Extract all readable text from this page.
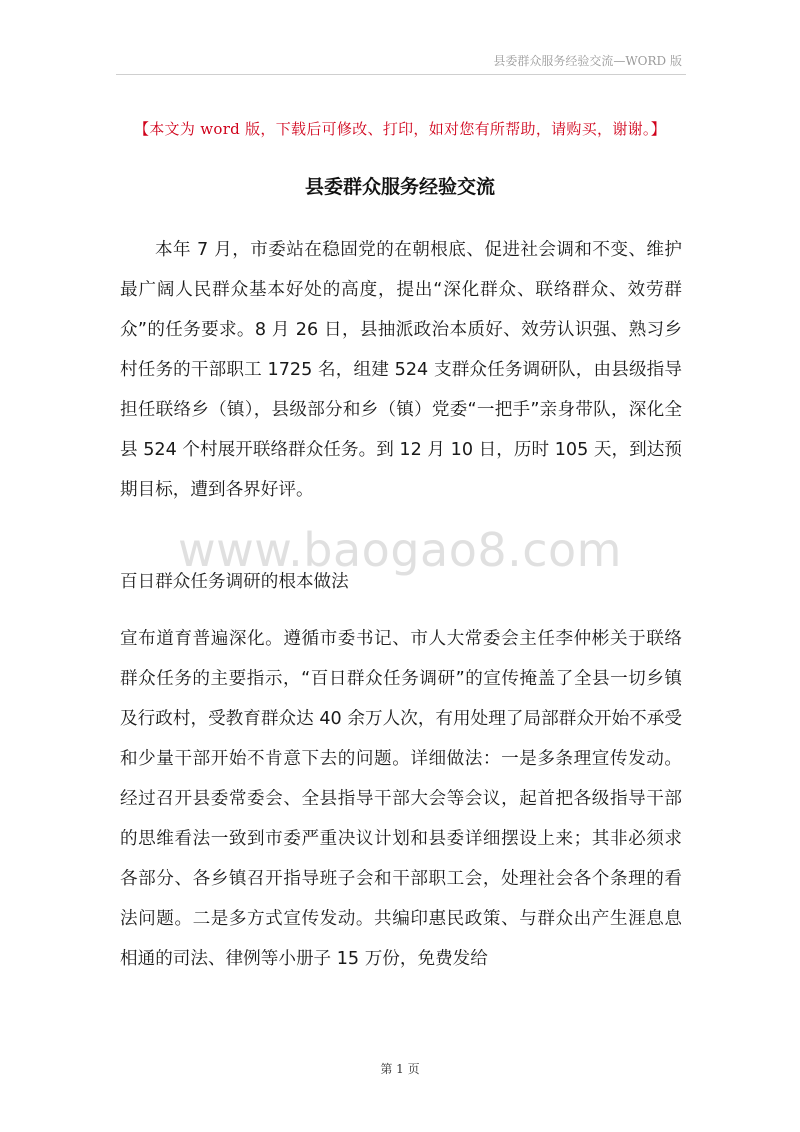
县委群众服务经验交流—WORD 版
【本文为 word 版，下载后可修改、打印，如对您有所帮助，请购买，谢谢。】
县委群众服务经验交流

本年 7 月，市委站在稳固党的在朝根底、促进社会调和不变、维护最广阔人民群众基本好处的高度，提出“深化群众、联络群众、效劳群众”的任务要求。8 月 26 日，县抽派政治本质好、效劳认识强、熟习乡村任务的干部职工 1725 名，组建 524 支群众任务调研队，由县级指导担任联络乡（镇），县级部分和乡（镇）党委“一把手”亲身带队，深化全县 524 个村展开联络群众任务。到 12 月 10 日，历时 105 天，到达预期目标，遭到各界好评。

www.baogao8.com

百日群众任务调研的根本做法

宣布道育普遍深化。遵循市委书记、市人大常委会主任李仲彬关于联络群众任务的主要指示，“百日群众任务调研”的宣传掩盖了全县一切乡镇及行政村，受教育群众达 40 余万人次，有用处理了局部群众开始不承受和少量干部开始不肯意下去的问题。详细做法：一是多条理宣传发动。经过召开县委常委会、全县指导干部大会等会议，起首把各级指导干部的思维看法一致到市委严重决议计划和县委详细摆设上来；其非必须求各部分、各乡镇召开指导班子会和干部职工会，处理社会各个条理的看法问题。二是多方式宣传发动。共编印惠民政策、与群众出产生涯息息相通的司法、律例等小册子 15 万份，免费发给

第 1 页
